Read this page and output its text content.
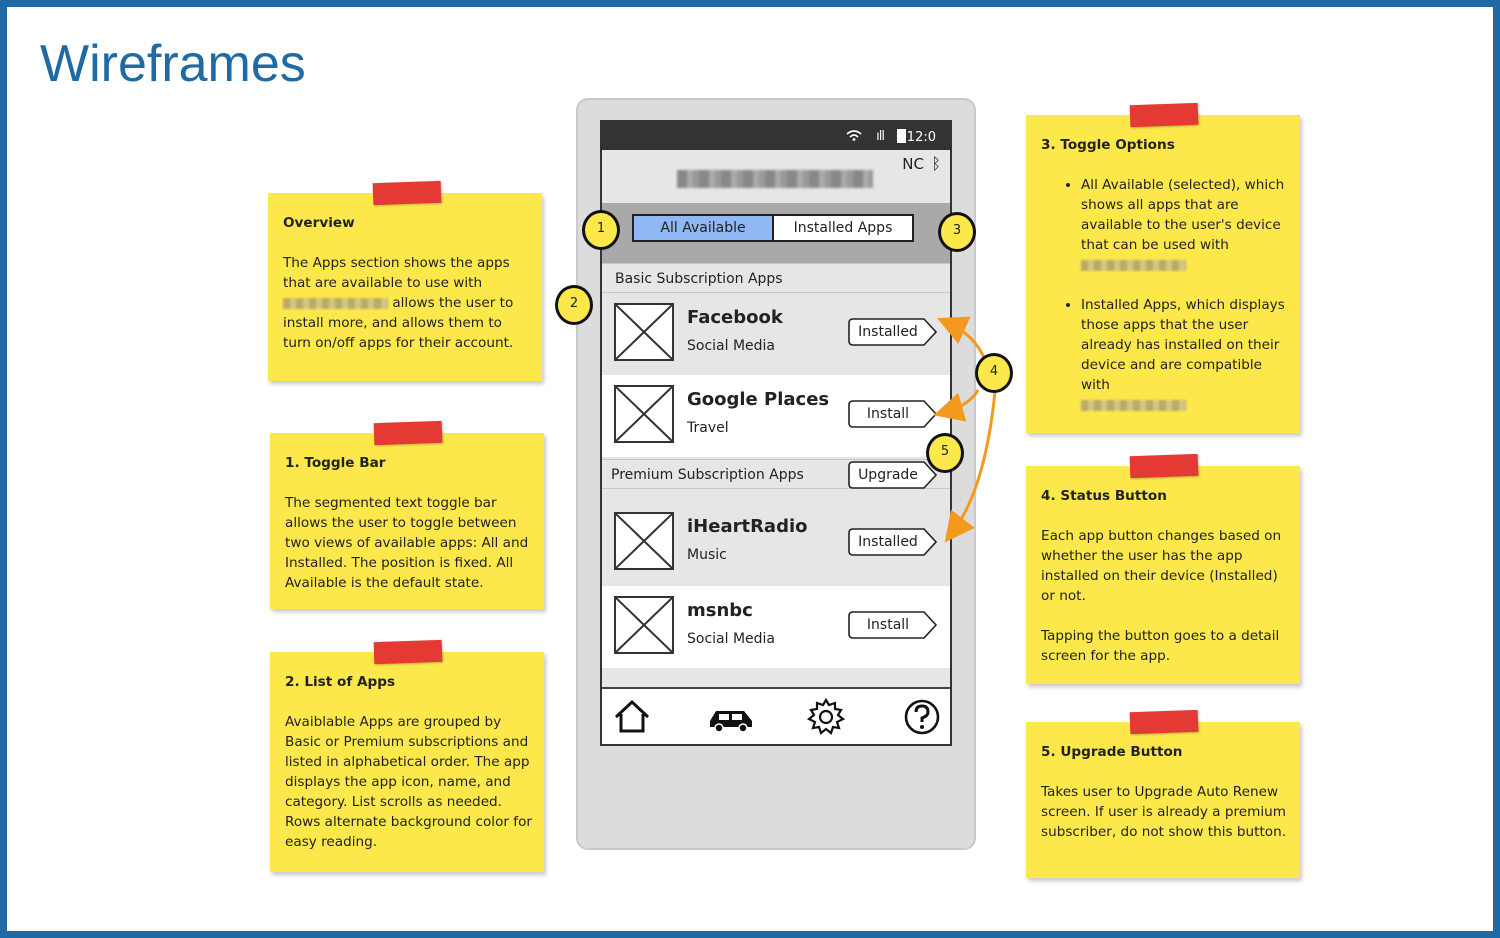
Wireframes
Overview

The Apps section shows the apps
that are available to use with
allows the user to
install more, and allows them to
turn on/off apps for their account.

1. Toggle Bar

The segmented text toggle bar allows the user to toggle between two views of available apps: All and Installed. The position is fixed. All Available is the default state.

2. List of Apps

Avaiblable Apps are grouped by Basic or Premium subscriptions and listed in alphabetical order. The app displays the app icon, name, and category. List scrolls as needed. Rows alternate background color for easy reading.

3. Toggle Options
• All Available (selected), which shows all apps that are available to the user's device that can be used with

• Installed Apps, which displays those apps that the user already has installed on their device and are compatible with

4. Status Button

Each app button changes based on whether the user has the app installed on their device (Installed) or not.

Tapping the button goes to a detail screen for the app.

5. Upgrade Button

Takes user to Upgrade Auto Renew screen. If user is already a premium subscriber, do not show this button.

ıll 12:0
NC ᛒ
All Available	Installed Apps
Basic Subscription Apps
Facebook
Social Media
Installed
Google Places
Travel
Install
Premium Subscription Apps	Upgrade
iHeartRadio
Music
Installed
msnbc
Social Media
Install
1
2
3
4
5
